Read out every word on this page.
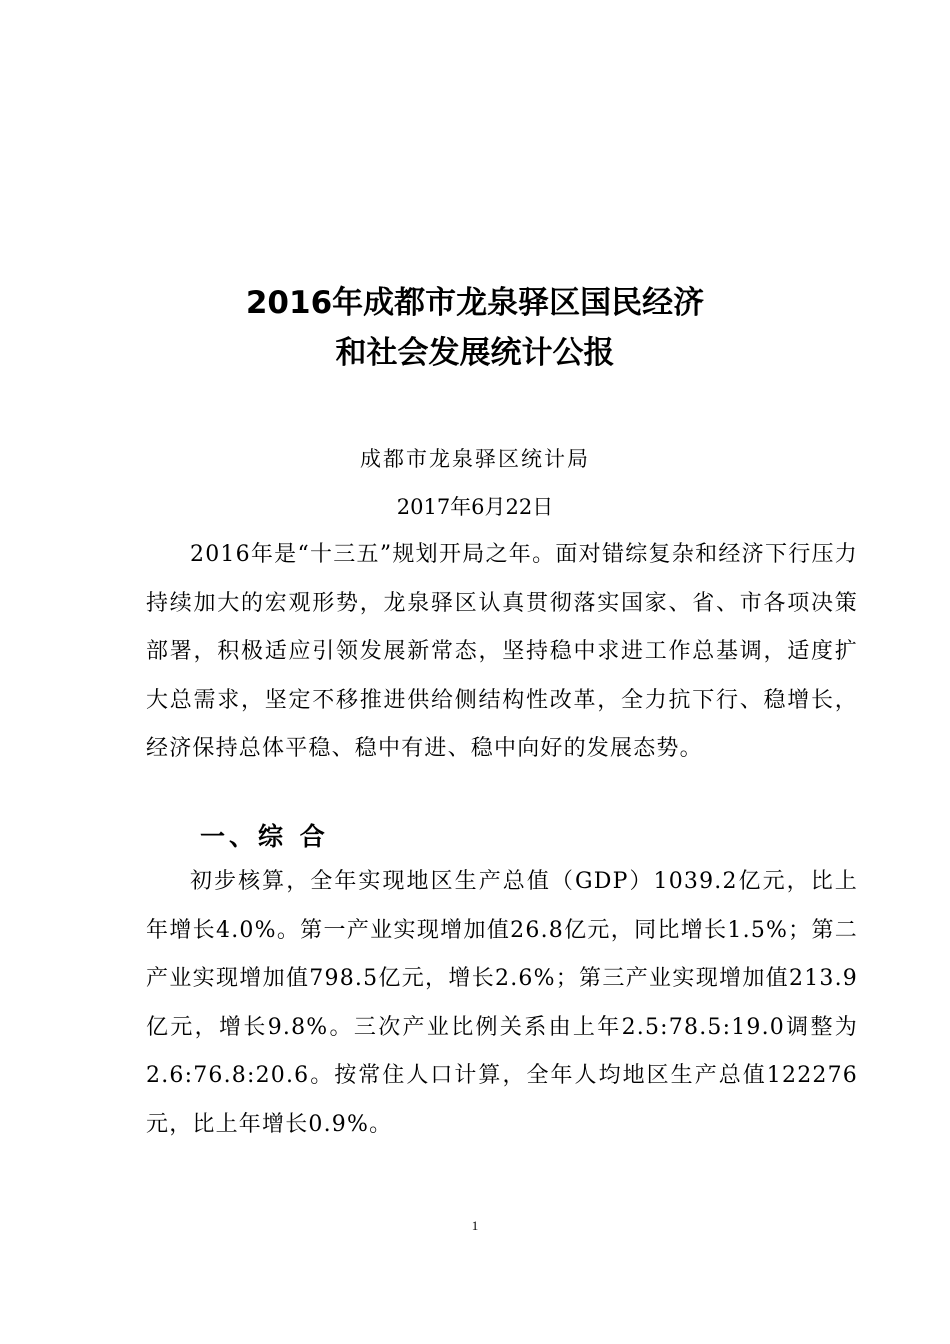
2016年成都市龙泉驿区国民经济
和社会发展统计公报
成都市龙泉驿区统计局
2017年6月22日

2016年是“十三五”规划开局之年。面对错综复杂和经济下行压力持续加大的宏观形势，龙泉驿区认真贯彻落实国家、省、市各项决策部署，积极适应引领发展新常态，坚持稳中求进工作总基调，适度扩大总需求，坚定不移推进供给侧结构性改革，全力抗下行、稳增长，经济保持总体平稳、稳中有进、稳中向好的发展态势。

一、综 合

初步核算，全年实现地区生产总值（GDP）1039.2亿元，比上年增长4.0%。第一产业实现增加值26.8亿元，同比增长1.5%；第二产业实现增加值798.5亿元，增长2.6%；第三产业实现增加值213.9亿元，增长9.8%。三次产业比例关系由上年2.5:78.5:19.0调整为2.6:76.8:20.6。按常住人口计算，全年人均地区生产总值122276元，比上年增长0.9%。

1
